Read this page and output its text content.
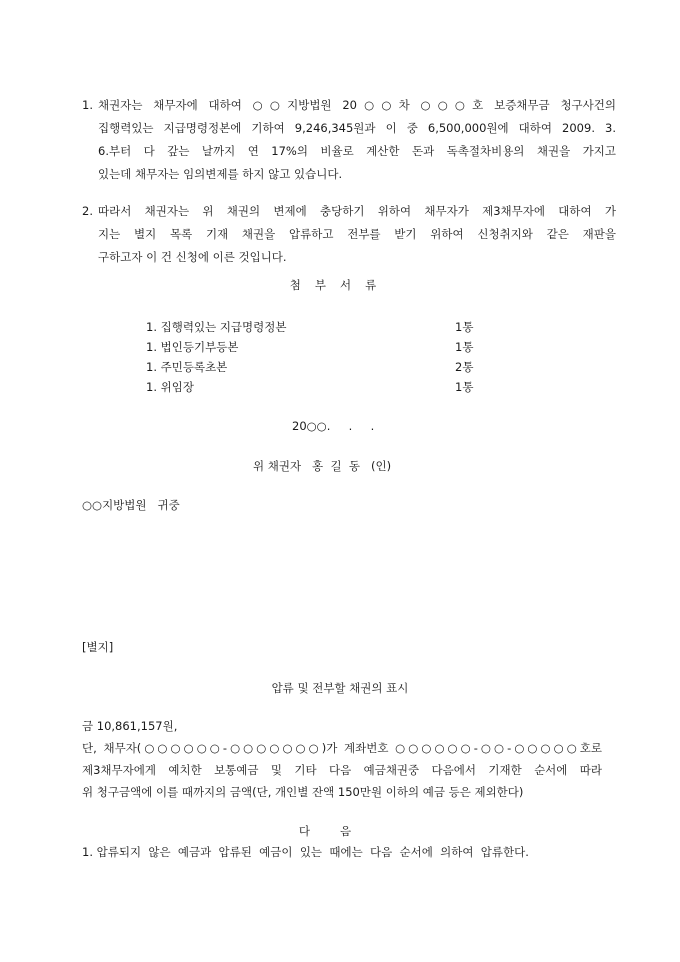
1. 채권자는 채무자에 대하여 ○○지방법원 20○○차 ○○○호 보증채무금 청구사건의
집행력있는 지급명령정본에 기하여 9,246,345원과 이 중 6,500,000원에 대하여 2009. 3.
6.부터 다 갚는 날까지 연 17%의 비율로 계산한 돈과 독촉절차비용의 채권을 가지고
있는데 채무자는 임의변제를 하지 않고 있습니다.
2. 따라서 채권자는 위 채권의 변제에 충당하기 위하여 채무자가 제3채무자에 대하여 가
지는 별지 목록 기재 채권을 압류하고 전부를 받기 위하여 신청취지와 같은 재판을
구하고자 이 건 신청에 이른 것입니다.
첨부서류
1. 집행력있는 지급명령정본	1통
1. 법인등기부등본	1통
1. 주민등록초본	2통
1. 위임장	1통
20○○.     .     .
위 채권자   홍  길  동   (인)
○○지방법원   귀중
[별지]
압류 및 전부할 채권의 표시
금 10,861,157원,
단, 채무자(○○○○○○-○○○○○○○)가 계좌번호 ○○○○○○-○○-○○○○○호로
제3채무자에게 예치한 보통예금 및 기타 다음 예금채권중 다음에서 기재한 순서에 따라
위 청구금액에 이를 때까지의 금액(단, 개인별 잔액 150만원 이하의 예금 등은 제외한다)
다음
1. 압류되지  않은  예금과  압류된  예금이  있는  때에는  다음  순서에  의하여  압류한다.
